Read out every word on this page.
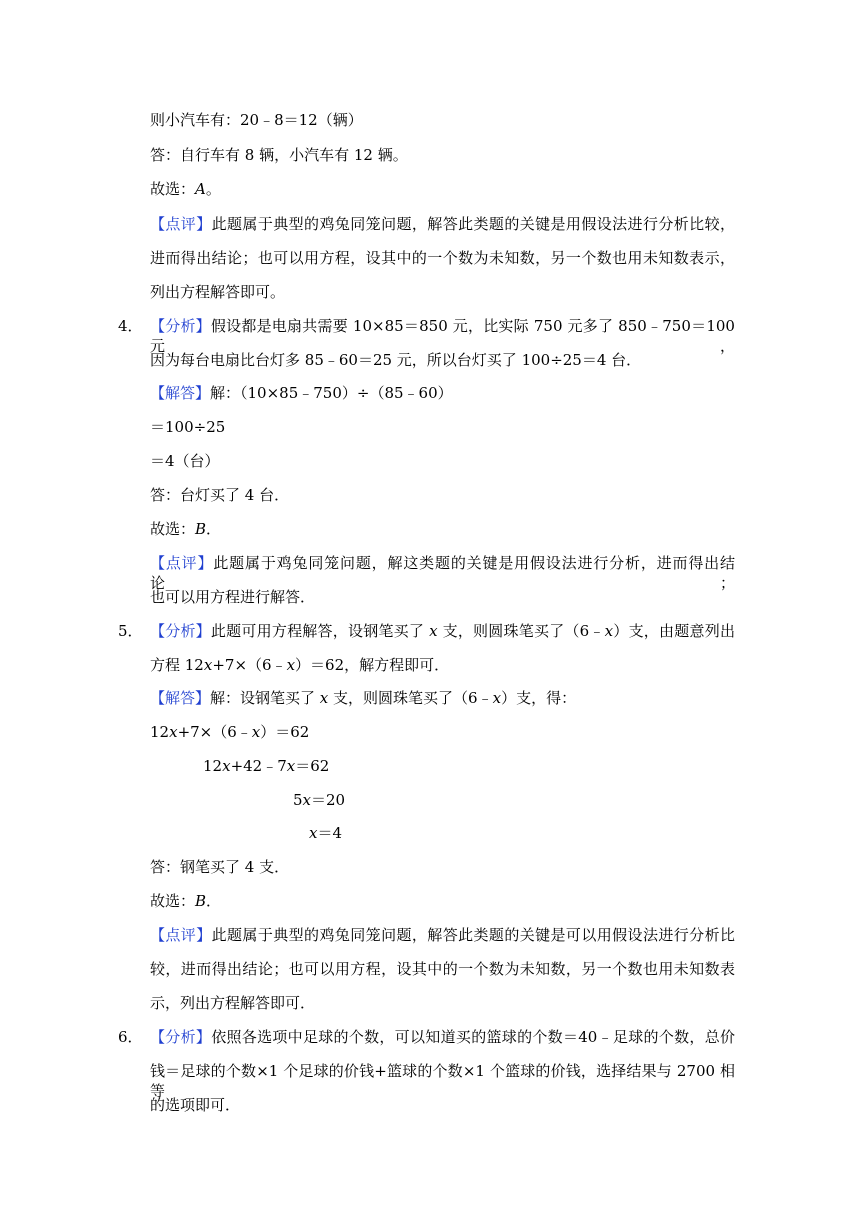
则小汽车有：20﹣8＝12（辆）
答：自行车有 8 辆，小汽车有 12 辆。
故选：A。
【点评】此题属于典型的鸡兔同笼问题，解答此类题的关键是用假设法进行分析比较，
进而得出结论；也可以用方程，设其中的一个数为未知数，另一个数也用未知数表示，
列出方程解答即可。
4． 【分析】假设都是电扇共需要 10×85＝850 元，比实际 750 元多了 850﹣750＝100 元，
因为每台电扇比台灯多 85﹣60＝25 元，所以台灯买了 100÷25＝4 台．
【解答】解：（10×85﹣750）÷（85﹣60）
＝100÷25
＝4（台）
答：台灯买了 4 台．
故选：B．
【点评】此题属于鸡兔同笼问题，解这类题的关键是用假设法进行分析，进而得出结论；
也可以用方程进行解答．
5． 【分析】此题可用方程解答，设钢笔买了 x 支，则圆珠笔买了（6﹣x）支，由题意列出
方程 12x+7×（6﹣x）＝62，解方程即可．
【解答】解：设钢笔买了 x 支，则圆珠笔买了（6﹣x）支，得：
12x+7×（6﹣x）＝62
12x+42﹣7x＝62
5x＝20
x＝4
答：钢笔买了 4 支．
故选：B．
【点评】此题属于典型的鸡兔同笼问题，解答此类题的关键是可以用假设法进行分析比
较，进而得出结论；也可以用方程，设其中的一个数为未知数，另一个数也用未知数表
示，列出方程解答即可．
6． 【分析】依照各选项中足球的个数，可以知道买的篮球的个数＝40﹣足球的个数，总价
钱＝足球的个数×1 个足球的价钱+篮球的个数×1 个篮球的价钱，选择结果与 2700 相等
的选项即可．
